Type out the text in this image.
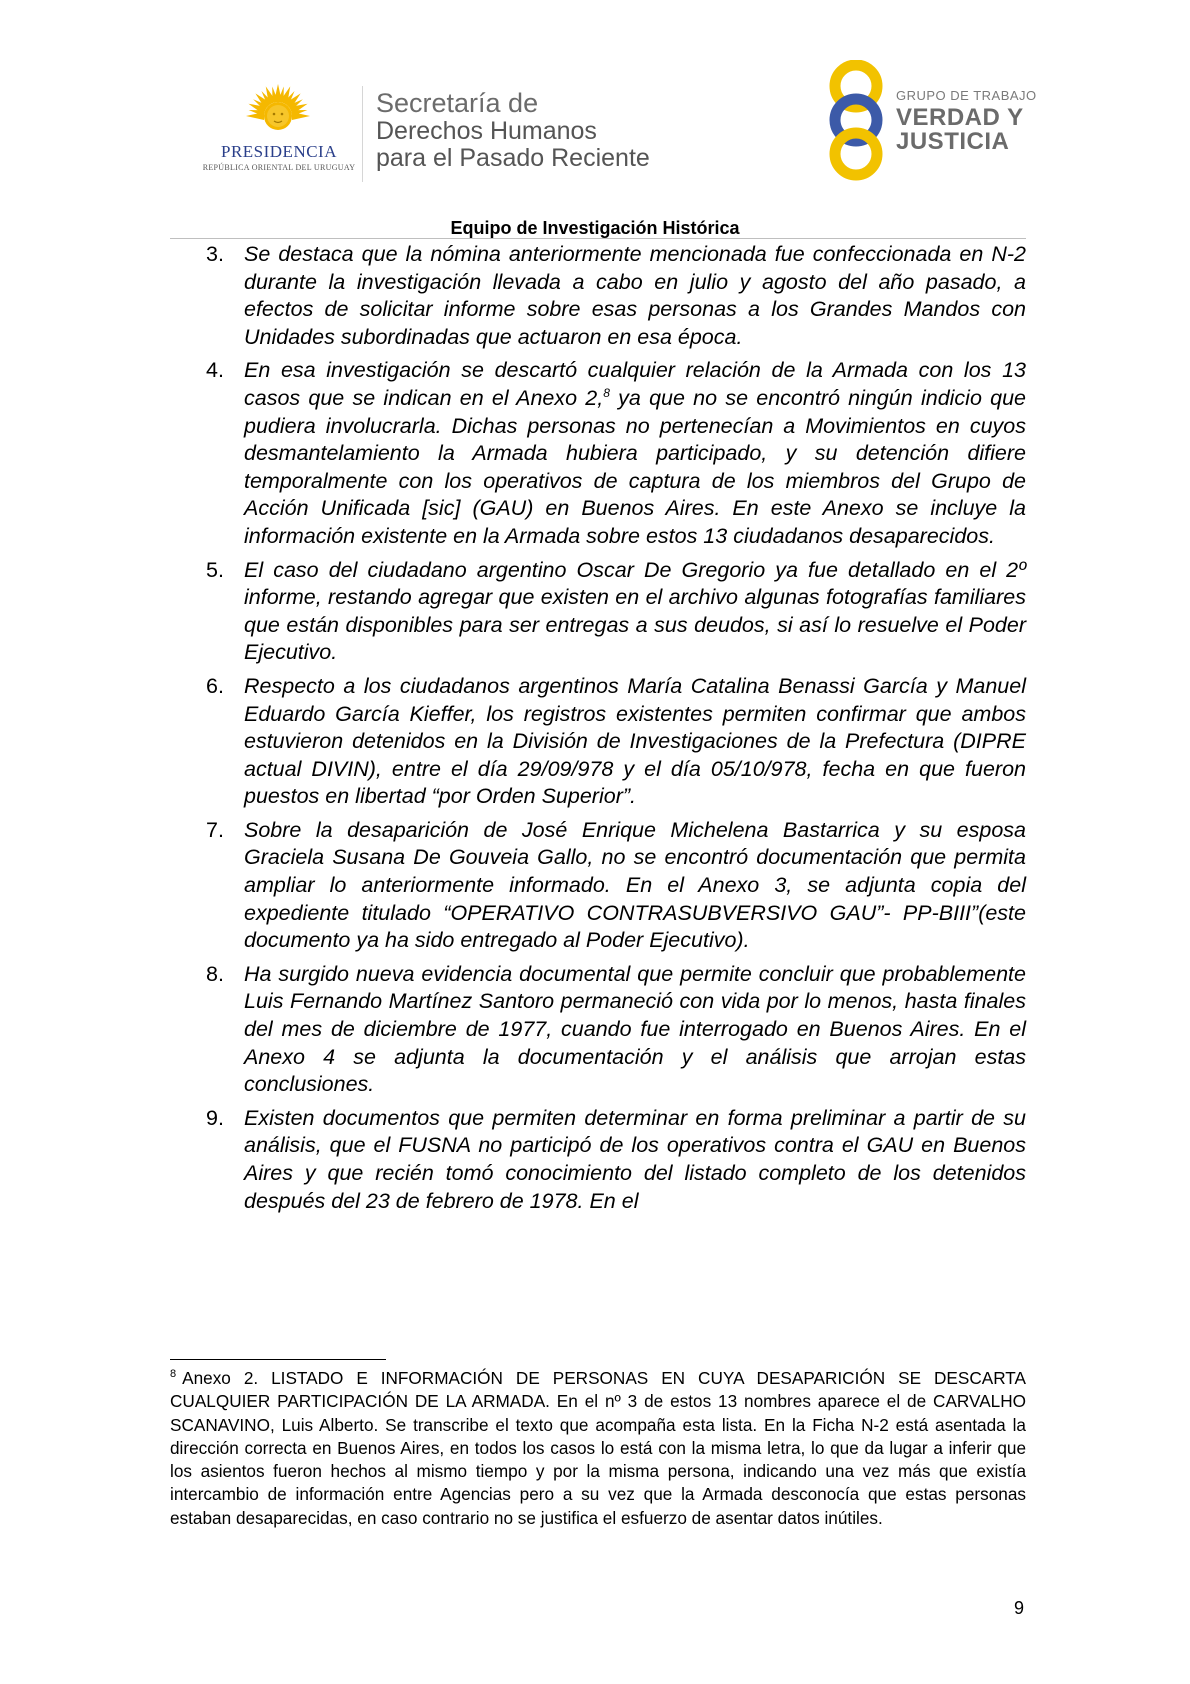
PRESIDENCIA
REPÚBLICA ORIENTAL DEL URUGUAY
Secretaría de
Derechos Humanos
para el Pasado Reciente
GRUPO DE TRABAJO
VERDAD Y
JUSTICIA
Equipo de Investigación Histórica
3. Se destaca que la nómina anteriormente mencionada fue confeccionada en N-2 durante la investigación llevada a cabo en julio y agosto del año pasado, a efectos de solicitar informe sobre esas personas a los Grandes Mandos con Unidades subordinadas que actuaron en esa época.
4. En esa investigación se descartó cualquier relación de la Armada con los 13 casos que se indican en el Anexo 2,$^8$ ya que no se encontró ningún indicio que pudiera involucrarla. Dichas personas no pertenecían a Movimientos en cuyos desmantelamiento la Armada hubiera participado, y su detención difiere temporalmente con los operativos de captura de los miembros del Grupo de Acción Unificada [sic] (GAU) en Buenos Aires. En este Anexo se incluye la información existente en la Armada sobre estos 13 ciudadanos desaparecidos.
5. El caso del ciudadano argentino Oscar De Gregorio ya fue detallado en el 2º informe, restando agregar que existen en el archivo algunas fotografías familiares que están disponibles para ser entregas a sus deudos, si así lo resuelve el Poder Ejecutivo.
6. Respecto a los ciudadanos argentinos María Catalina Benassi García y Manuel Eduardo García Kieffer, los registros existentes permiten confirmar que ambos estuvieron detenidos en la División de Investigaciones de la Prefectura (DIPRE actual DIVIN), entre el día 29/09/978 y el día 05/10/978, fecha en que fueron puestos en libertad “por Orden Superior”.
7. Sobre la desaparición de José Enrique Michelena Bastarrica y su esposa Graciela Susana De Gouveia Gallo, no se encontró documentación que permita ampliar lo anteriormente informado. En el Anexo 3, se adjunta copia del expediente titulado “OPERATIVO CONTRASUBVERSIVO GAU”- PP-BIII”(este documento ya ha sido entregado al Poder Ejecutivo).
8. Ha surgido nueva evidencia documental que permite concluir que probablemente Luis Fernando Martínez Santoro permaneció con vida por lo menos, hasta finales del mes de diciembre de 1977, cuando fue interrogado en Buenos Aires. En el Anexo 4 se adjunta la documentación y el análisis que arrojan estas conclusiones.
9. Existen documentos que permiten determinar en forma preliminar a partir de su análisis, que el FUSNA no participó de los operativos contra el GAU en Buenos Aires y que recién tomó conocimiento del listado completo de los detenidos después del 23 de febrero de 1978. En el
$^8$ Anexo 2. LISTADO E INFORMACIÓN DE PERSONAS EN CUYA DESAPARICIÓN SE DESCARTA CUALQUIER PARTICIPACIÓN DE LA ARMADA. En el nº 3 de estos 13 nombres aparece el de CARVALHO SCANAVINO, Luis Alberto. Se transcribe el texto que acompaña esta lista. En la Ficha N-2 está asentada la dirección correcta en Buenos Aires, en todos los casos lo está con la misma letra, lo que da lugar a inferir que los asientos fueron hechos al mismo tiempo y por la misma persona, indicando una vez más que existía intercambio de información entre Agencias pero a su vez que la Armada desconocía que estas personas estaban desaparecidas, en caso contrario no se justifica el esfuerzo de asentar datos inútiles.
9
